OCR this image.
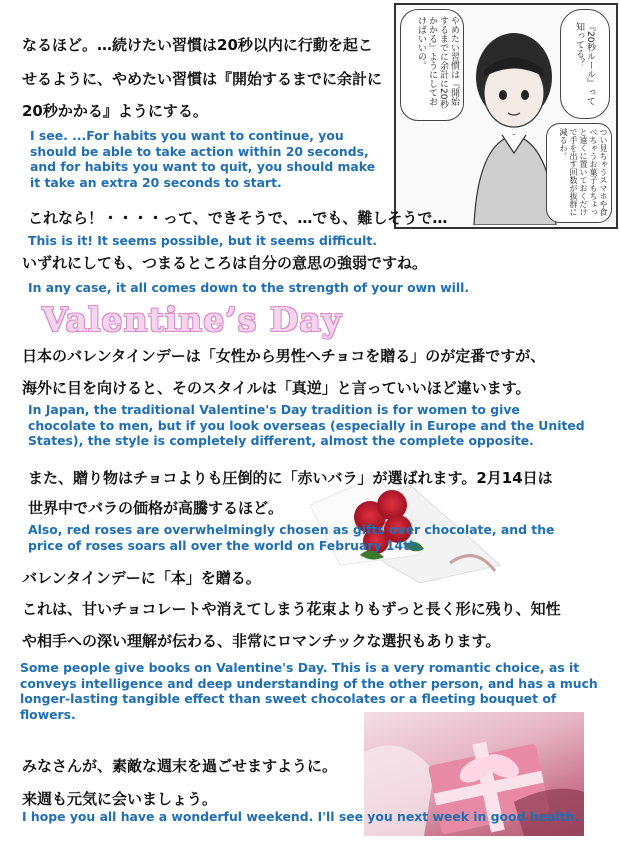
なるほど。…続けたい習慣は20秒以内に行動を起こ
せるように、やめたい習慣は『開始するまでに余計に
20秒かかる』ようにする。
I see. ...For habits you want to continue, you should be able to take action within 20 seconds, and for habits you want to quit, you should make it take an extra 20 seconds to start.
『20秒ルール』って知ってる？
やめたい習慣は『開始するまでに余計に20秒かかる』ようにしておけばいいの。
つい見ちゃうスマホや食べちゃうお菓子もちょっと遠くに置いておくだけで手を出す回数が抜群に減るわ。
これなら！・・・・って、できそうで、…でも、難しそうで…
This is it! It seems possible, but it seems difficult.
いずれにしても、つまるところは自分の意思の強弱ですね。
In any case, it all comes down to the strength of your own will.
Valentine’s Day
日本のバレンタインデーは「女性から男性へチョコを贈る」のが定番ですが、
海外に目を向けると、そのスタイルは「真逆」と言っていいほど違います。
In Japan, the traditional Valentine's Day tradition is for women to give chocolate to men, but if you look overseas (especially in Europe and the United States), the style is completely different, almost the complete opposite.
また、贈り物はチョコよりも圧倒的に「赤いバラ」が選ばれます。2月14日は
世界中でバラの価格が高騰するほど。
Also, red roses are overwhelmingly chosen as gifts over chocolate, and the price of roses soars all over the world on February 14th.
バレンタインデーに「本」を贈る。
これは、甘いチョコレートや消えてしまう花束よりもずっと長く形に残り、知性
や相手への深い理解が伝わる、非常にロマンチックな選択もあります。
Some people give books on Valentine's Day. This is a very romantic choice, as it conveys intelligence and deep understanding of the other person, and has a much longer-lasting tangible effect than sweet chocolates or a fleeting bouquet of flowers.
みなさんが、素敵な週末を過ごせますように。
来週も元気に会いましょう。
I hope you all have a wonderful weekend. I'll see you next week in good health.
